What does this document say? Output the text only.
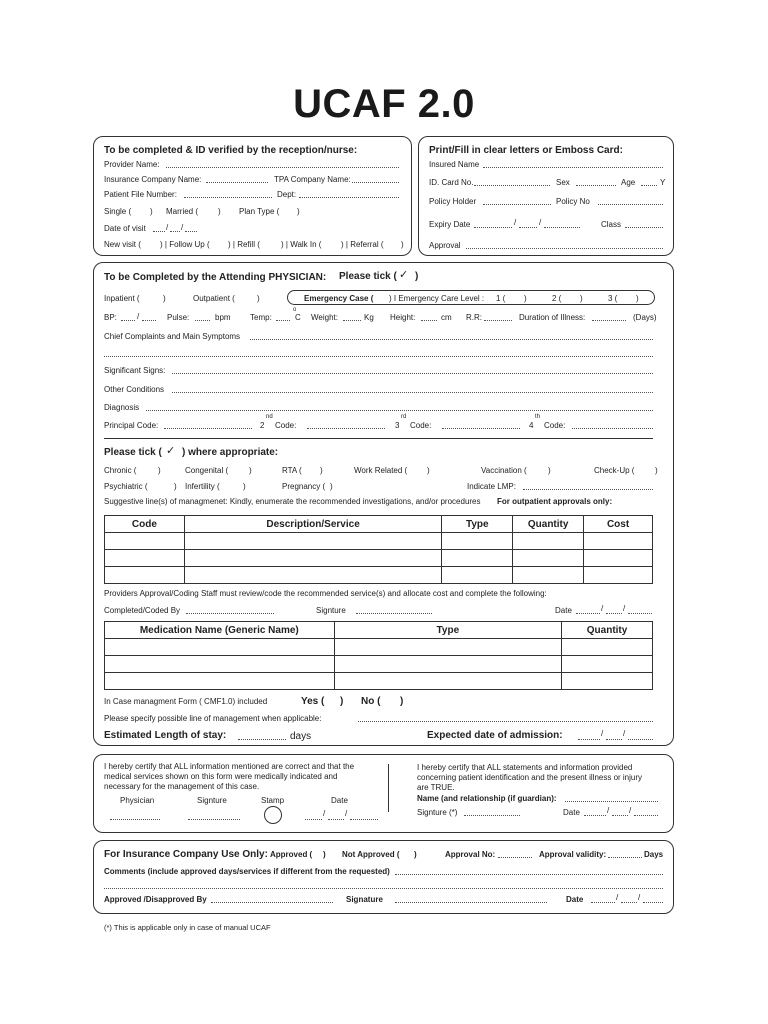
UCAF 2.0
To be completed & ID verified by the reception/nurse:
Provider Name:
Insurance Company Name:	TPA Company Name:
Patient File Number:	Dept:
Single ( ) Married ( ) Plan Type ( )
Date of visit	/ /
New visit ( ) | Follow Up ( ) | Refill (	) | Walk In ( ) | Referral ( )
Print/Fill in clear letters or Emboss Card:
Insured Name
ID. Card No.	Sex	Age	Y
Policy Holder	Policy No
Expiry Date	/	/	Class
Approval
To be Completed by the Attending PHYSICIAN: Please tick ( ✓ )
Inpatient (	)	Outpatient (	)	Emergency Case ( ) I Emergency Care Level : 1 ( )	2 ( )	3 ( )
BP:	/	Pulse:	bpm Temp:
o
C Weight:	Kg Height:	cm R.R:	Duration of Illness:	(Days)
Chief Complaints and Main Symptoms
Significant Signs:
Other Conditions
Diagnosis
Principal Code:	2
nd
Code:	3
rd
Code:	4
th
Code:
Please tick ( ✓ ) where appropriate:
Chronic (	)	Congenital (	)	RTA ( )	Work Related ( )	Vaccination (	)	Check-Up (	)
Psychiatric (	) Infertility (	)	Pregnancy ( )	Indicate LMP:
Suggestive line(s) of managmenet: Kindly, enumerate the recommended investigations, and/or procedures For outpatient approvals only:
Code	Description/Service	Type	Quantity	Cost

Providers Approval/Coding Staff must review/code the recommended service(s) and allocate cost and complete the following:
Completed/Coded By	Signture	Date	/ /
Medication Name (Generic Name)	Type	Quantity

In Case managment Form ( CMF1.0) included	Yes ( ) No ( )
Please specify possible line of management when applicable:
Estimated Length of stay:	days	Expected date of admission:	/ /
I hereby certify that ALL information mentioned are correct and that the
medical services shown on this form were medically indicated and
necessary for the management of this case.
Physician	Signture	Stamp	Date
/ /
I hereby certify that ALL statements and information provided
concerning patient identification and the present illness or injury
are TRUE.
Name (and relationship (if guardian):
Signture (*)	Date	/ /
For Insurance Company Use Only: Approved ( ) Not Approved ( )	Approval No:	Approval validity:	Days
Comments (include approved days/services if different from the requested)
Approved /Disapproved By	Signature	Date	/ /
(*) This is applicable only in case of manual UCAF
